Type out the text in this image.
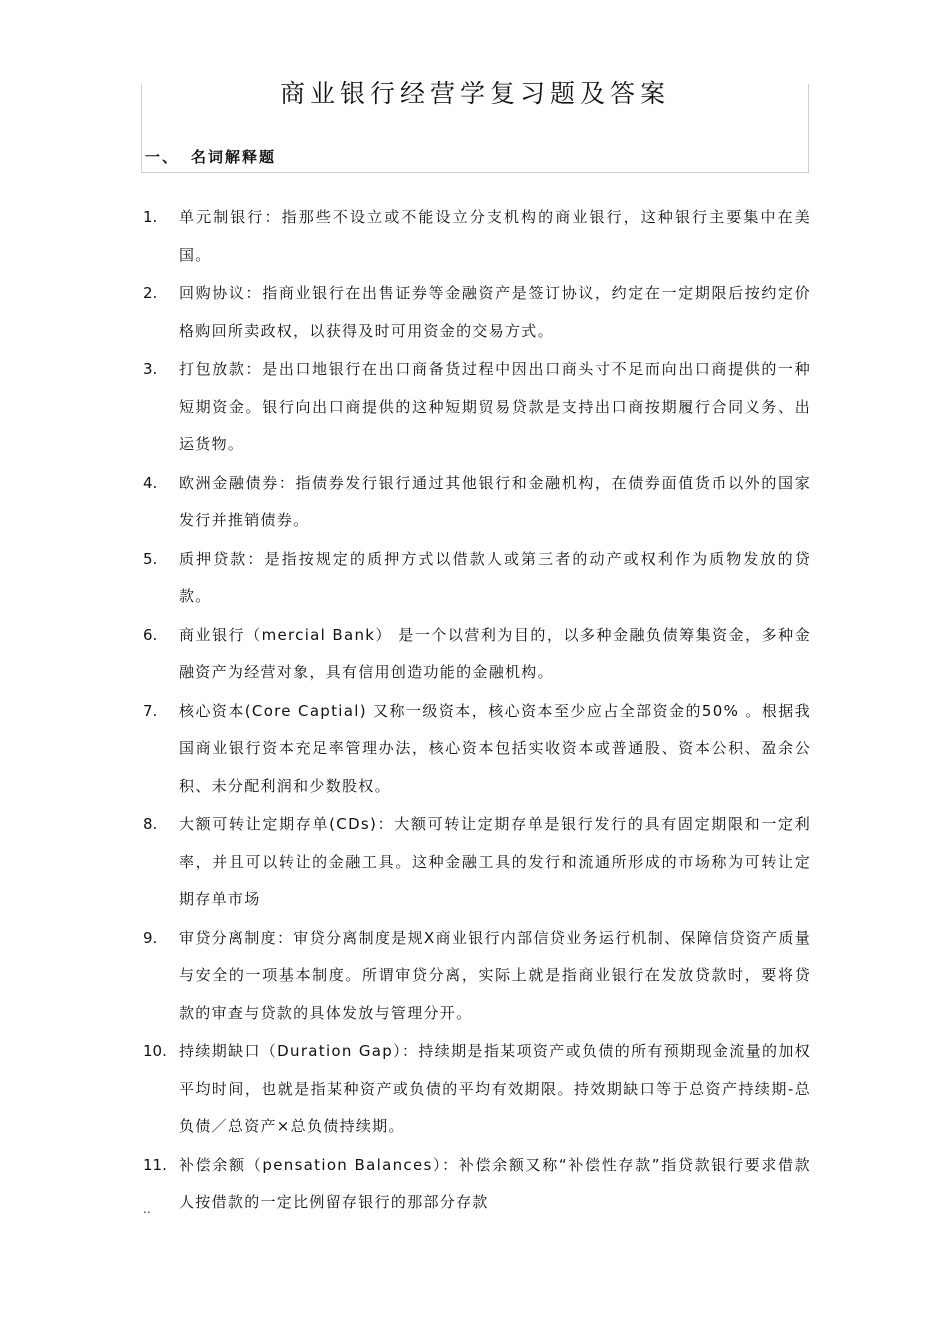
商业银行经营学复习题及答案
一、 名词解释题
1. 单元制银行：指那些不设立或不能设立分支机构的商业银行，这种银行主要集中在美国。
2. 回购协议：指商业银行在出售证券等金融资产是签订协议，约定在一定期限后按约定价格购回所卖政权，以获得及时可用资金的交易方式。
3. 打包放款：是出口地银行在出口商备货过程中因出口商头寸不足而向出口商提供的一种短期资金。银行向出口商提供的这种短期贸易贷款是支持出口商按期履行合同义务、出运货物。
4. 欧洲金融债券：指债券发行银行通过其他银行和金融机构，在债券面值货币以外的国家发行并推销债券。
5. 质押贷款：是指按规定的质押方式以借款人或第三者的动产或权利作为质物发放的贷款。
6. 商业银行（mercial Bank） 是一个以营利为目的，以多种金融负债筹集资金，多种金融资产为经营对象，具有信用创造功能的金融机构。
7. 核心资本(Core Captial) 又称一级资本，核心资本至少应占全部资金的50% 。根据我国商业银行资本充足率管理办法，核心资本包括实收资本或普通股、资本公积、盈余公积、未分配利润和少数股权。
8. 大额可转让定期存单(CDs)：大额可转让定期存单是银行发行的具有固定期限和一定利率，并且可以转让的金融工具。这种金融工具的发行和流通所形成的市场称为可转让定期存单市场
9. 审贷分离制度：审贷分离制度是规X商业银行内部信贷业务运行机制、保障信贷资产质量与安全的一项基本制度。所谓审贷分离，实际上就是指商业银行在发放贷款时，要将贷款的审查与贷款的具体发放与管理分开。
10. 持续期缺口（Duration Gap）：持续期是指某项资产或负债的所有预期现金流量的加权平均时间，也就是指某种资产或负债的平均有效期限。持效期缺口等于总资产持续期-总负债／总资产×总负债持续期。
11. 补偿余额（pensation Balances）：补偿余额又称“补偿性存款”指贷款银行要求借款人按借款的一定比例留存银行的那部分存款
..
